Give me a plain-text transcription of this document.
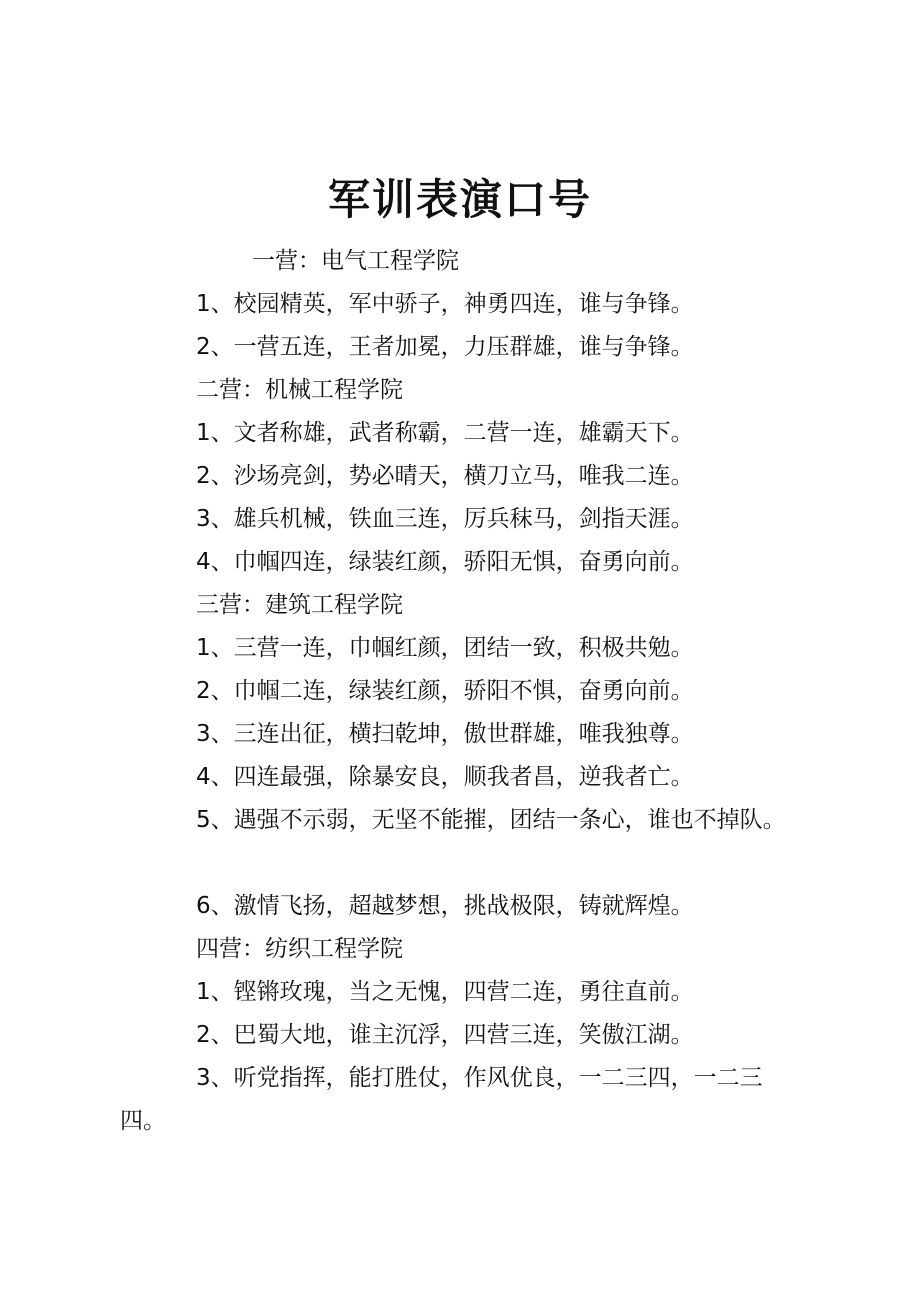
军训表演口号
一营：电气工程学院
1、校园精英，军中骄子，神勇四连，谁与争锋。
2、一营五连，王者加冕，力压群雄，谁与争锋。
二营：机械工程学院
1、文者称雄，武者称霸，二营一连，雄霸天下。
2、沙场亮剑，势必晴天，横刀立马，唯我二连。
3、雄兵机械，铁血三连，厉兵秣马，剑指天涯。
4、巾帼四连，绿装红颜，骄阳无惧，奋勇向前。
三营：建筑工程学院
1、三营一连，巾帼红颜，团结一致，积极共勉。
2、巾帼二连，绿装红颜，骄阳不惧，奋勇向前。
3、三连出征，横扫乾坤，傲世群雄，唯我独尊。
4、四连最强，除暴安良，顺我者昌，逆我者亡。
5、遇强不示弱，无坚不能摧，团结一条心，谁也不掉队。
6、激情飞扬，超越梦想，挑战极限，铸就辉煌。
四营：纺织工程学院
1、铿锵玫瑰，当之无愧，四营二连，勇往直前。
2、巴蜀大地，谁主沉浮，四营三连，笑傲江湖。
3、听党指挥，能打胜仗，作风优良，一二三四，一二三
四。
